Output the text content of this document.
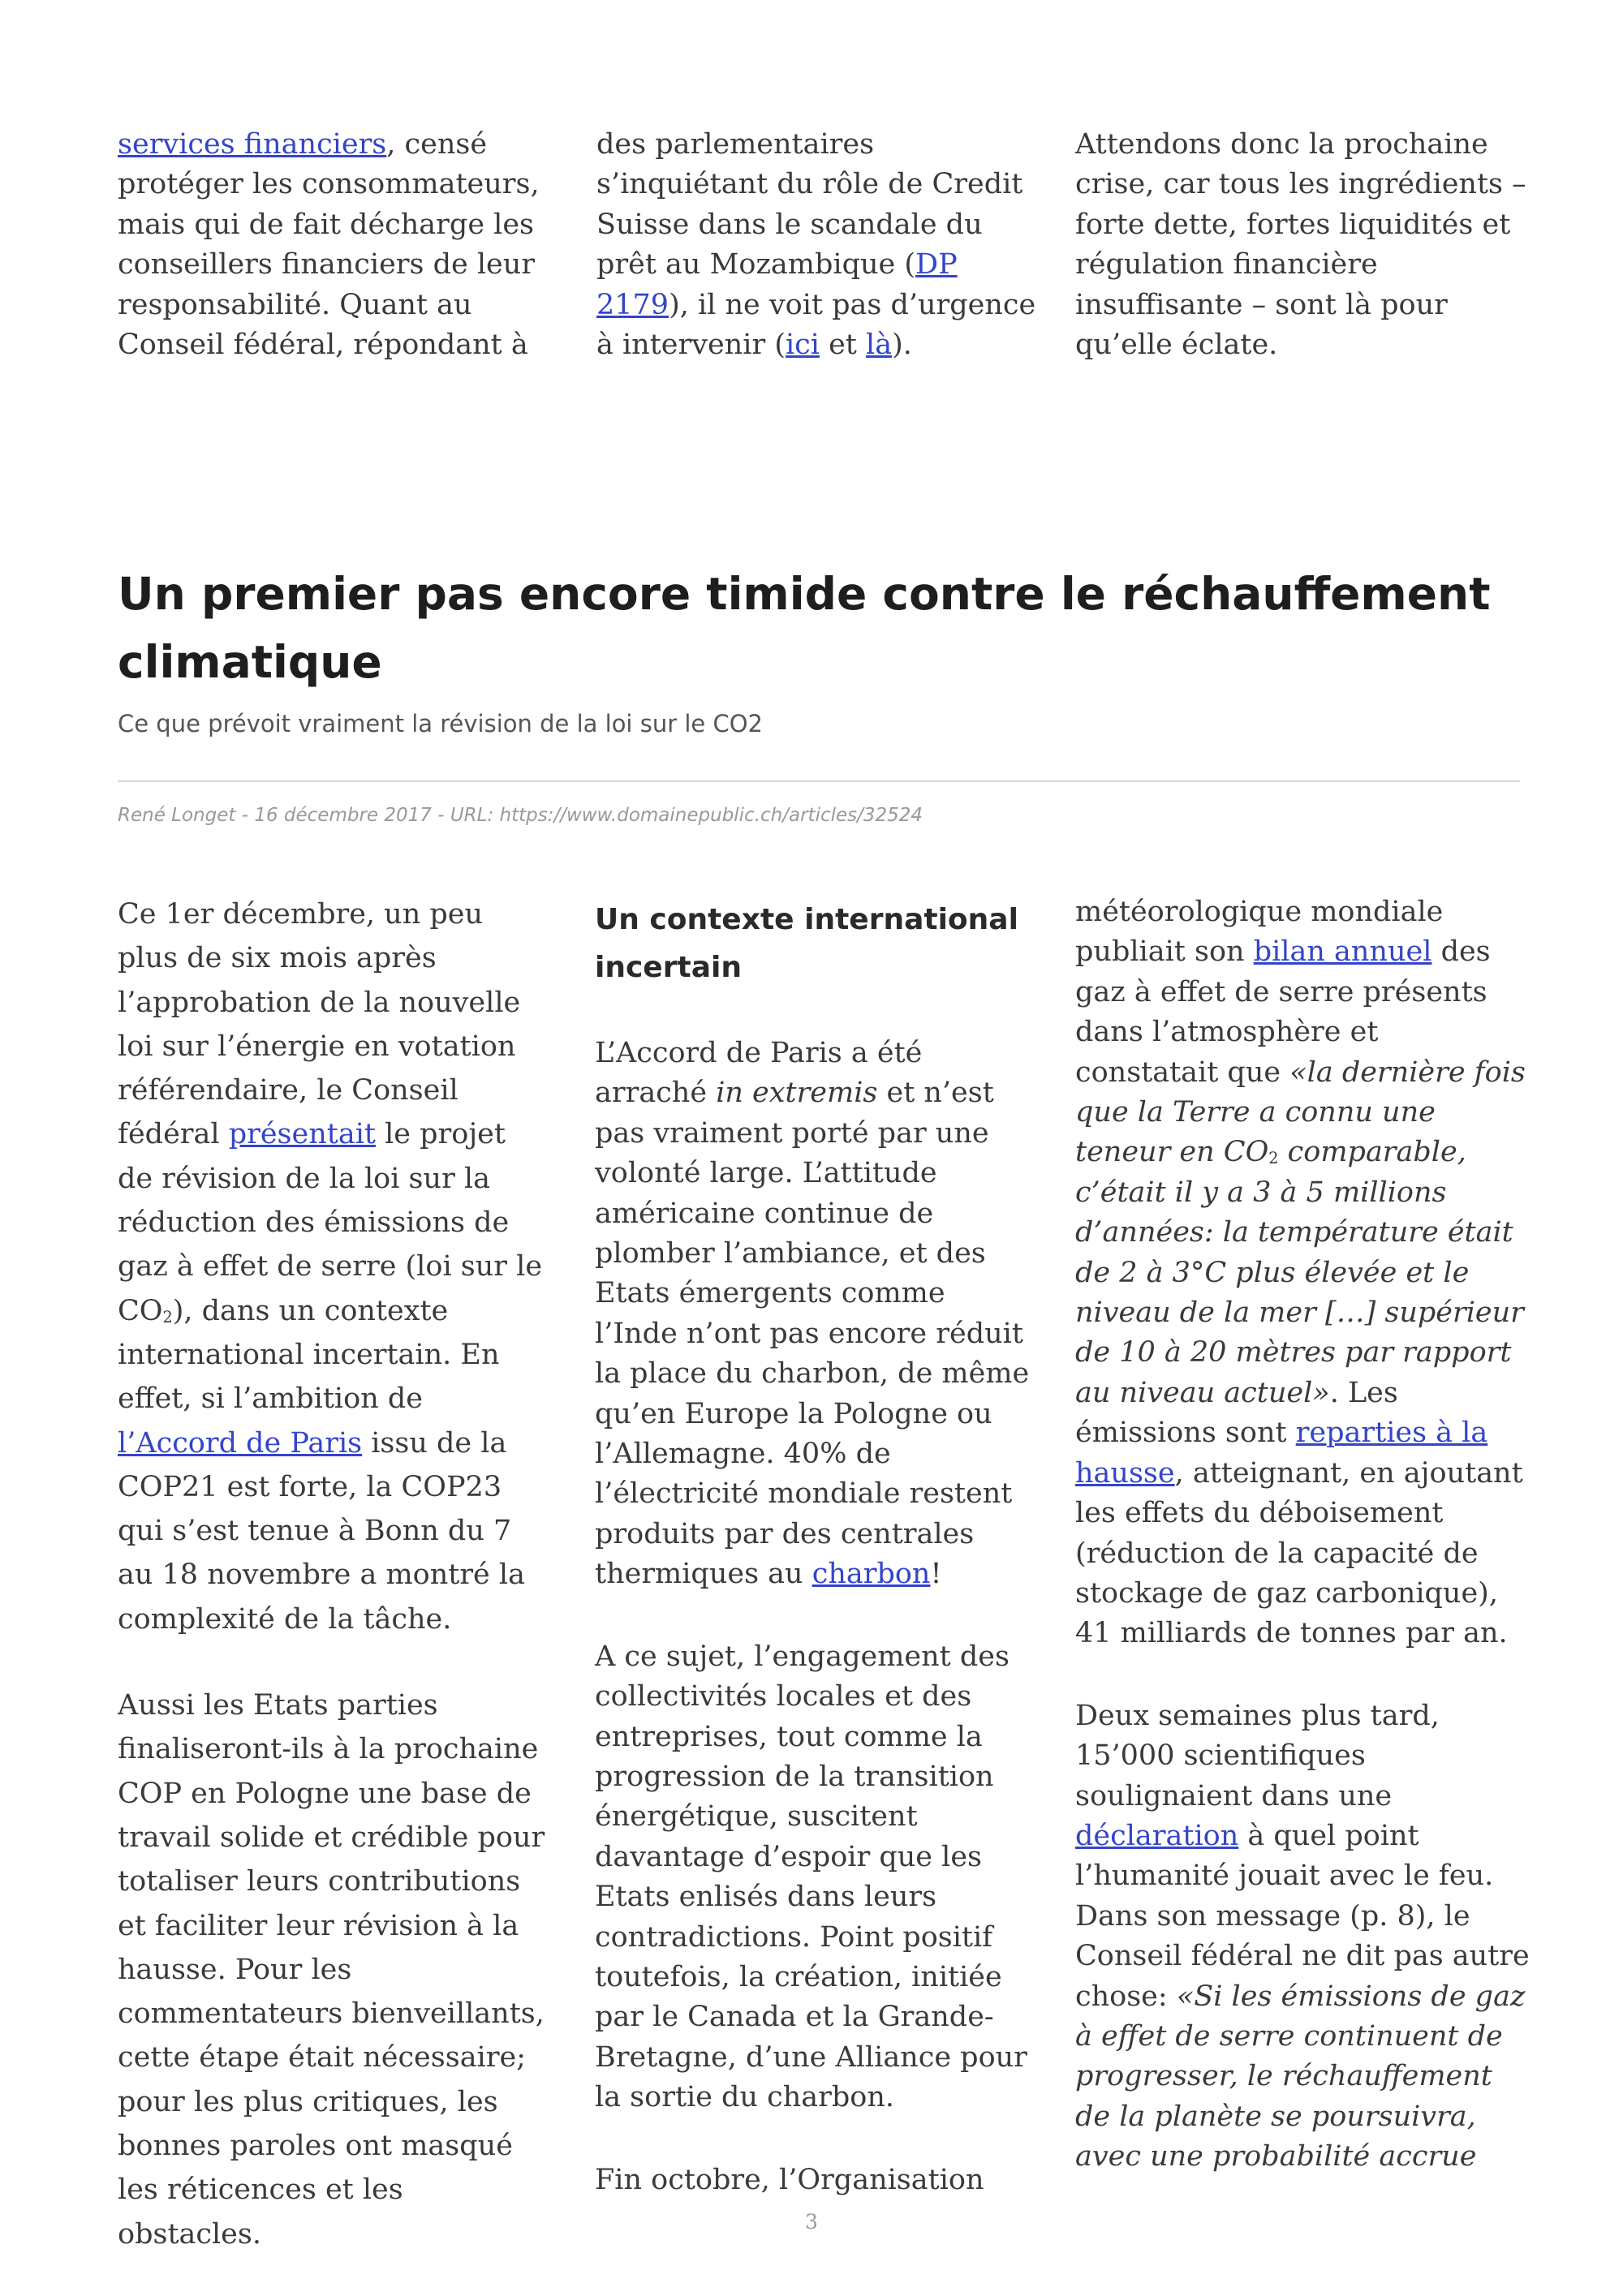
services financiers, censé protéger les consommateurs, mais qui de fait décharge les conseillers financiers de leur responsabilité. Quant au Conseil fédéral, répondant à

des parlementaires s’inquiétant du rôle de Credit Suisse dans le scandale du prêt au Mozambique (DP 2179), il ne voit pas d’urgence à intervenir (ici et là).

Attendons donc la prochaine crise, car tous les ingrédients – forte dette, fortes liquidités et régulation financière insuffisante – sont là pour qu’elle éclate.

Un premier pas encore timide contre le réchauffement climatique

Ce que prévoit vraiment la révision de la loi sur le CO2

René Longet - 16 décembre 2017 - URL: https://www.domainepublic.ch/articles/32524

Ce 1er décembre, un peu plus de six mois après l’approbation de la nouvelle loi sur l’énergie en votation référendaire, le Conseil fédéral présentait le projet de révision de la loi sur la réduction des émissions de gaz à effet de serre (loi sur le $CO_2$), dans un contexte international incertain. En effet, si l’ambition de l’Accord de Paris issu de la COP21 est forte, la COP23 qui s’est tenue à Bonn du 7 au 18 novembre a montré la complexité de la tâche.

Aussi les Etats parties finaliseront-ils à la prochaine COP en Pologne une base de travail solide et crédible pour totaliser leurs contributions et faciliter leur révision à la hausse. Pour les commentateurs bienveillants, cette étape était nécessaire; pour les plus critiques, les bonnes paroles ont masqué les réticences et les obstacles.

Un contexte international incertain

L’Accord de Paris a été arraché in extremis et n’est pas vraiment porté par une volonté large. L’attitude américaine continue de plomber l’ambiance, et des Etats émergents comme l’Inde n’ont pas encore réduit la place du charbon, de même qu’en Europe la Pologne ou l’Allemagne. 40% de l’électricité mondiale restent produits par des centrales thermiques au charbon!

A ce sujet, l’engagement des collectivités locales et des entreprises, tout comme la progression de la transition énergétique, suscitent davantage d’espoir que les Etats enlisés dans leurs contradictions. Point positif toutefois, la création, initiée par le Canada et la Grande-Bretagne, d’une Alliance pour la sortie du charbon.

Fin octobre, l’Organisation

météorologique mondiale publiait son bilan annuel des gaz à effet de serre présents dans l’atmosphère et constatait que «la dernière fois que la Terre a connu une teneur en $CO_2$ comparable, c’était il y a 3 à 5 millions d’années: la température était de 2 à 3°C plus élevée et le niveau de la mer […] supérieur de 10 à 20 mètres par rapport au niveau actuel». Les émissions sont reparties à la hausse, atteignant, en ajoutant les effets du déboisement (réduction de la capacité de stockage de gaz carbonique), 41 milliards de tonnes par an.

Deux semaines plus tard, 15’000 scientifiques soulignaient dans une déclaration à quel point l’humanité jouait avec le feu. Dans son message (p. 8), le Conseil fédéral ne dit pas autre chose: «Si les émissions de gaz à effet de serre continuent de progresser, le réchauffement de la planète se poursuivra, avec une probabilité accrue

3
